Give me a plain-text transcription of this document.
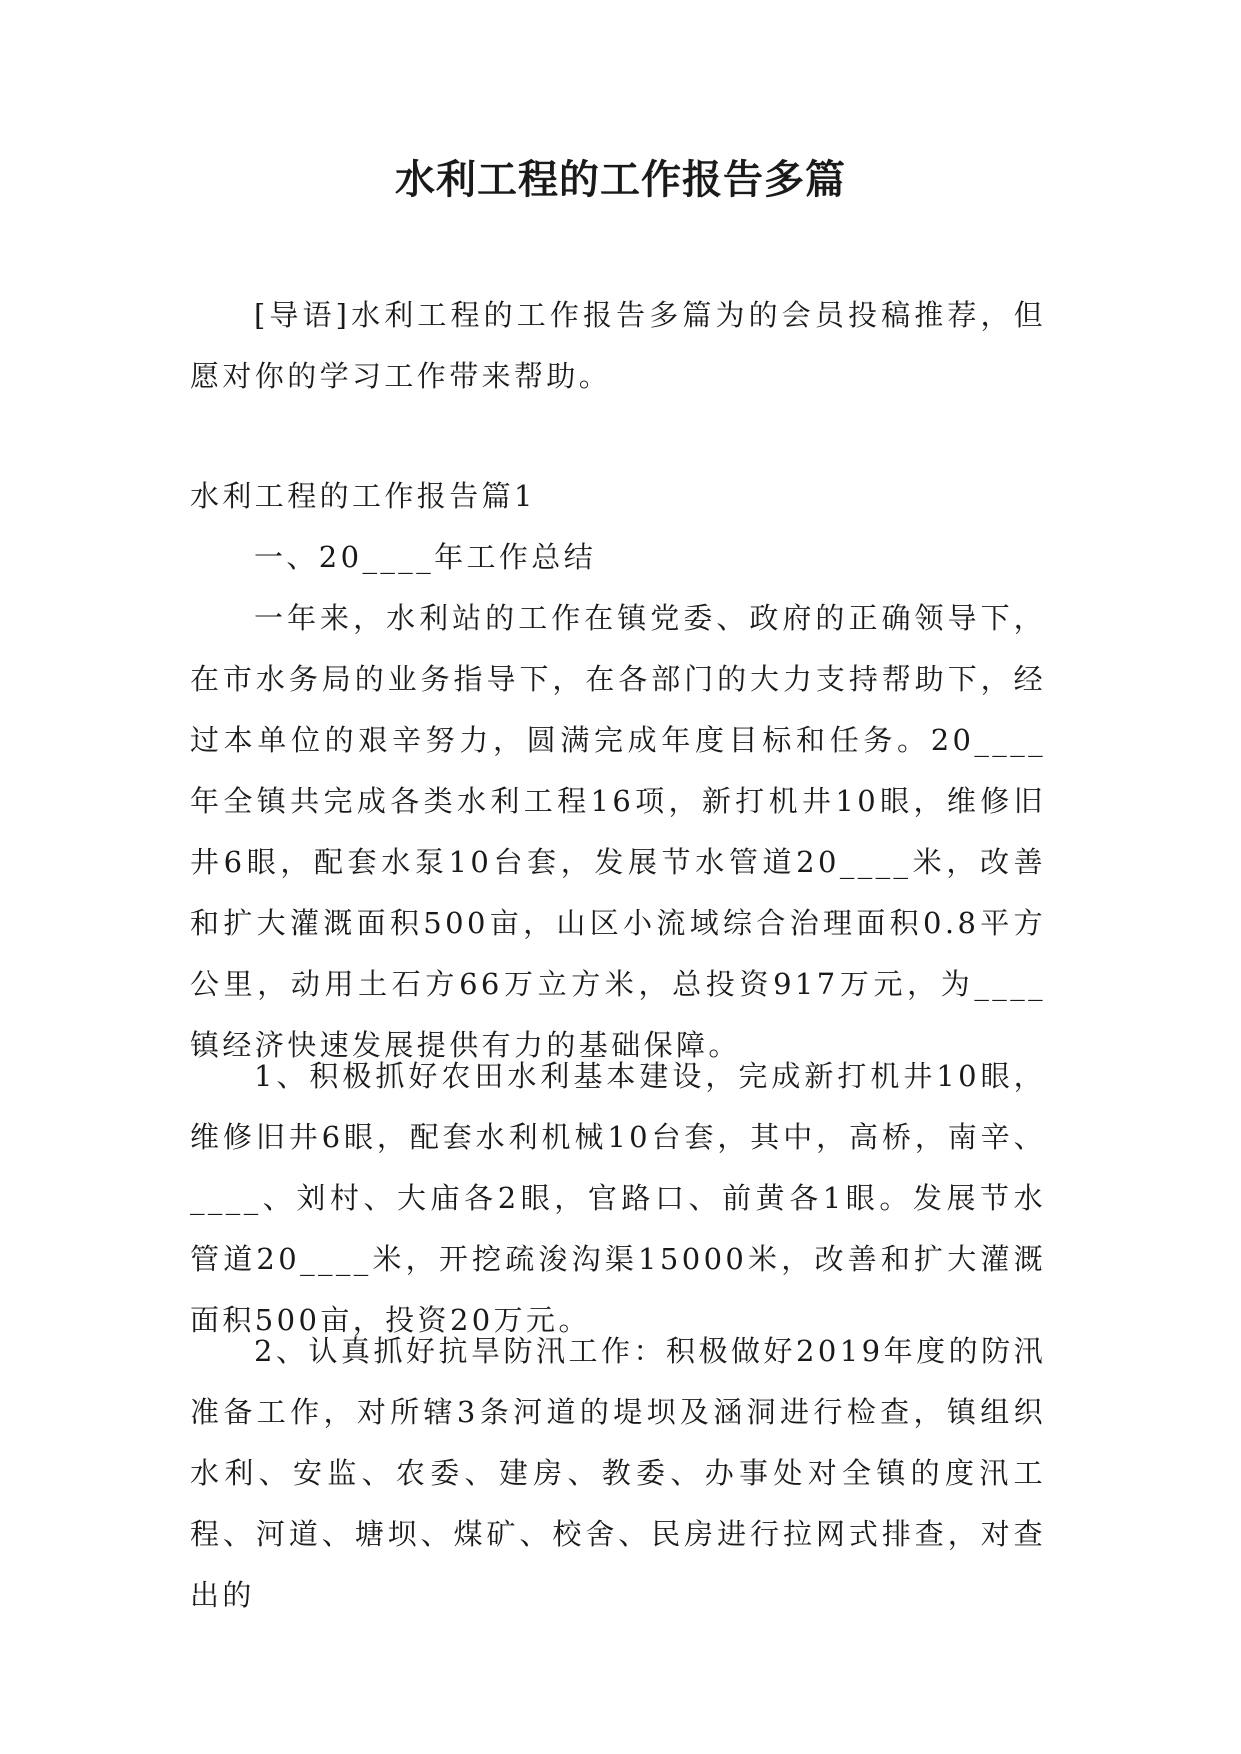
水利工程的工作报告多篇

[导语]水利工程的工作报告多篇为的会员投稿推荐，但愿对你的学习工作带来帮助。

水利工程的工作报告篇1

一、20____年工作总结

一年来，水利站的工作在镇党委、政府的正确领导下，在市水务局的业务指导下，在各部门的大力支持帮助下，经过本单位的艰辛努力，圆满完成年度目标和任务。20____年全镇共完成各类水利工程16项，新打机井10眼，维修旧井6眼，配套水泵10台套，发展节水管道20____米，改善和扩大灌溉面积500亩，山区小流域综合治理面积0.8平方公里，动用土石方66万立方米，总投资917万元，为____镇经济快速发展提供有力的基础保障。

1、积极抓好农田水利基本建设，完成新打机井10眼，维修旧井6眼，配套水利机械10台套，其中，高桥，南辛、____、刘村、大庙各2眼，官路口、前黄各1眼。发展节水管道20____米，开挖疏浚沟渠15000米，改善和扩大灌溉面积500亩，投资20万元。

2、认真抓好抗旱防汛工作：积极做好2019年度的防汛准备工作，对所辖3条河道的堤坝及涵洞进行检查，镇组织水利、安监、农委、建房、教委、办事处对全镇的度汛工程、河道、塘坝、煤矿、校舍、民房进行拉网式排查，对查出的
